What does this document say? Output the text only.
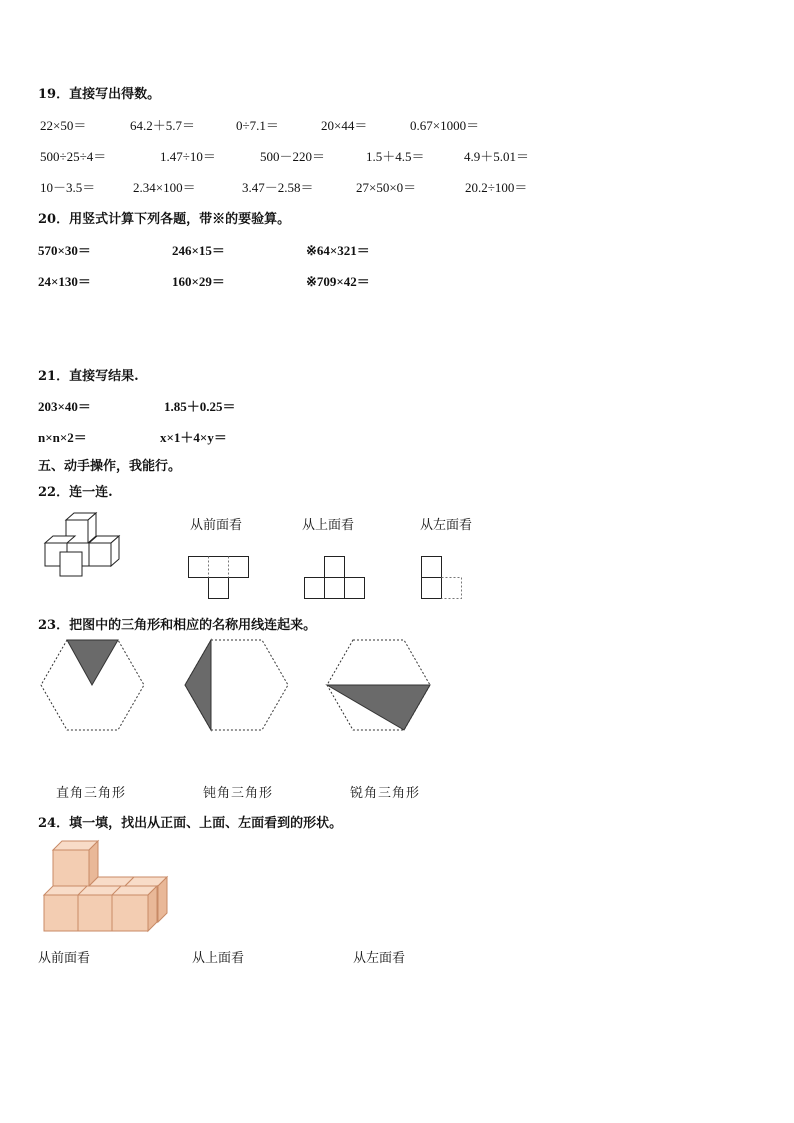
19．直接写出得数。
22×50＝	64.2＋5.7＝	0÷7.1＝	20×44＝	0.67×1000＝
500÷25÷4＝	1.47÷10＝	500－220＝	1.5＋4.5＝	4.9＋5.01＝
10－3.5＝	2.34×100＝	3.47－2.58＝	27×50×0＝	20.2÷100＝
20．用竖式计算下列各题，带※的要验算。
570×30＝	246×15＝	※64×321＝
24×130＝	160×29＝	※709×42＝
21．直接写结果.
203×40＝	1.85＋0.25＝
n×n×2＝	x×1＋4×y＝
五、动手操作，我能行。
22．连一连.
从前面看	从上面看	从左面看
23．把图中的三角形和相应的名称用线连起来。
直角三角形	钝角三角形	锐角三角形
24．填一填，找出从正面、上面、左面看到的形状。
从前面看	从上面看	从左面看
